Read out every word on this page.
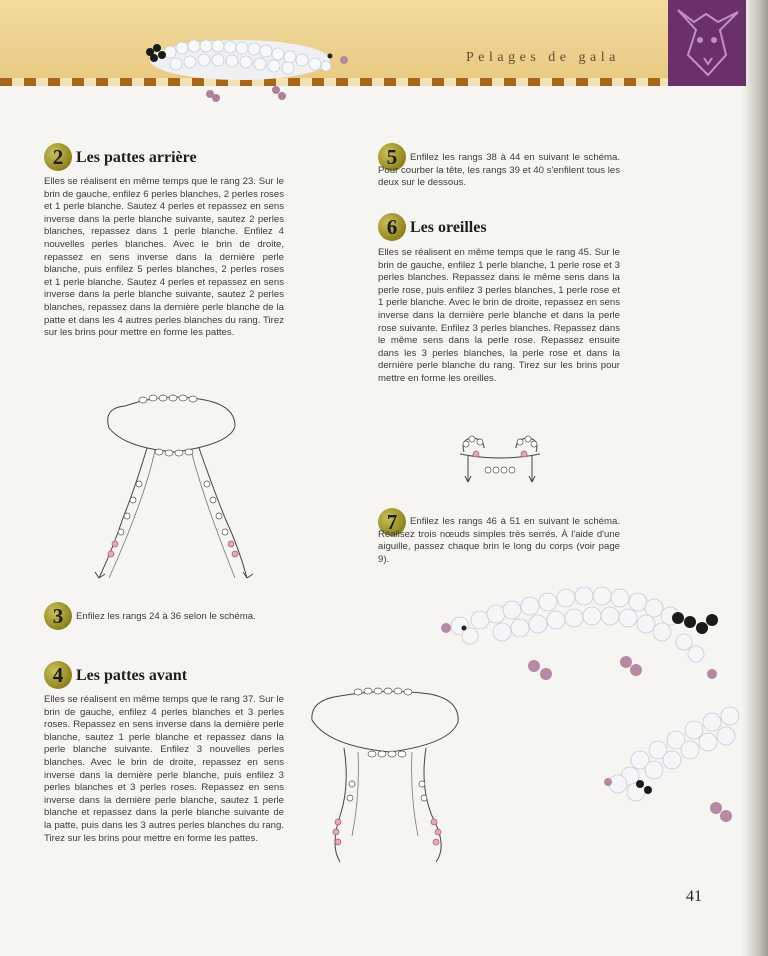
Pelages de gala
2 Les pattes arrière
Elles se réalisent en même temps que le rang 23. Sur le brin de gauche, enfilez 6 perles blanches, 2 perles roses et 1 perle blanche. Sautez 4 perles et repassez en sens inverse dans la perle blanche suivante, sautez 2 perles blanches, repassez dans 1 perle blanche. Enfilez 4 nouvelles perles blanches. Avec le brin de droite, repassez en sens inverse dans la dernière perle blanche, puis enfilez 5 perles blanches, 2 perles roses et 1 perle blanche. Sautez 4 perles et repassez en sens inverse dans la perle blanche suivante, sautez 2 perles blanches, repassez dans la dernière perle blanche de la patte et dans les 4 autres perles blanches du rang. Tirez sur les brins pour mettre en forme les pattes.
3	Enfilez les rangs 24 à 36 selon le schéma.
4 Les pattes avant
Elles se réalisent en même temps que le rang 37. Sur le brin de gauche, enfilez 4 perles blanches et 3 perles roses. Repassez en sens inverse dans la dernière perle blanche, sautez 1 perle blanche et repassez dans la perle blanche suivante. Enfilez 3 nouvelles perles blanches. Avec le brin de droite, repassez en sens inverse dans la dernière perle blanche, puis enfilez 3 perles blanches et 3 perles roses. Repassez en sens inverse dans la dernière perle blanche, sautez 1 perle blanche et repassez dans la perle blanche suivante de la patte, puis dans les 3 autres perles blanches du rang. Tirez sur les brins pour mettre en forme les pattes.
5	Enfilez les rangs 38 à 44 en suivant le schéma. Pour courber la tête, les rangs 39 et 40 s'enfilent tous les deux sur le dessous.
6 Les oreilles
Elles se réalisent en même temps que le rang 45. Sur le brin de gauche, enfilez 1 perle blanche, 1 perle rose et 3 perles blanches. Repassez dans le même sens dans la perle rose, puis enfilez 3 perles blanches, 1 perle rose et 1 perle blanche. Avec le brin de droite, repassez en sens inverse dans la dernière perle blanche et dans la perle rose suivante. Enfilez 3 perles blanches. Repassez dans le même sens dans la perle rose. Repassez ensuite dans les 3 perles blanches, la perle rose et dans la dernière perle blanche du rang. Tirez sur les brins pour mettre en forme les oreilles.
7	Enfilez les rangs 46 à 51 en suivant le schéma. Réalisez trois nœuds simples très serrés. À l'aide d'une aiguille, passez chaque brin le long du corps (voir page 9).
41
